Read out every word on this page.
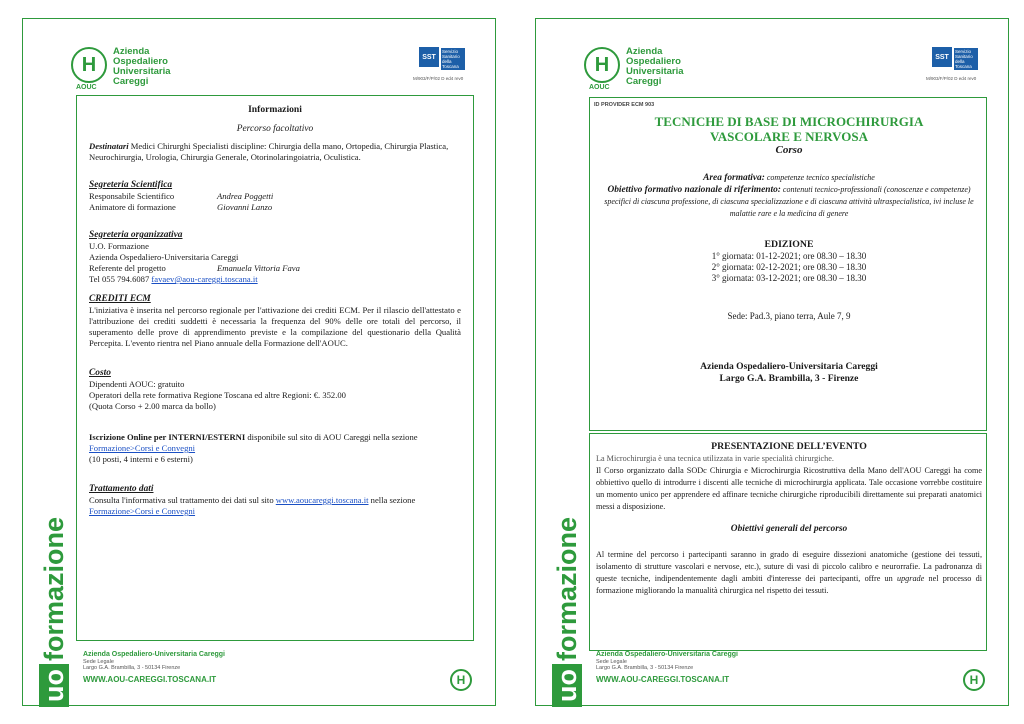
uoformazione
H
AOUC
Azienda
Ospedaliero
Universitaria
Careggi
SST
Servizio Sanitario della Toscana
M/903/F/P/02 D ed4 rev0

Informazioni

Percorso facoltativo

Destinatari Medici Chirurghi Specialisti discipline: Chirurgia della mano, Ortopedia, Chirurgia Plastica, Neurochirurgia, Urologia, Chirurgia Generale, Otorinolaringoiatria, Oculistica.

Segreteria Scientifica

Responsabile Scientifico	Andrea Poggetti

Animatore di formazione	Giovanni Lanzo

Segreteria organizzativa

U.O. Formazione

Azienda Ospedaliero-Universitaria Careggi

Referente del progetto	Emanuela Vittoria Fava

Tel 055 794.6087 favaev@aou-careggi.toscana.it

CREDITI ECM

L'iniziativa è inserita nel percorso regionale per l'attivazione dei crediti ECM. Per il rilascio dell'attestato e l'attribuzione dei crediti suddetti è necessaria la frequenza del 90% delle ore totali del percorso, il superamento delle prove di apprendimento previste e la compilazione del questionario della Qualità Percepita. L'evento rientra nel Piano annuale della Formazione dell'AOUC.

Costo

Dipendenti AOUC: gratuito

Operatori della rete formativa Regione Toscana ed altre Regioni: €. 352.00

(Quota Corso + 2.00 marca da bollo)

Iscrizione Online per INTERNI/ESTERNI disponibile sul sito di AOU Careggi nella sezione Formazione>Corsi e Convegni

(10 posti, 4 interni e 6 esterni)

Trattamento dati

Consulta l'informativa sul trattamento dei dati sul sito www.aoucareggi.toscana.it nella sezione Formazione>Corsi e Convegni

Azienda Ospedaliero-Universitaria Careggi
Sede Legale
Largo G.A. Brambilla, 3 - 50134 Firenze
WWW.AOU-CAREGGI.TOSCANA.IT	H	uoformazione
H
AOUC
Azienda
Ospedaliero
Universitaria
Careggi
SST
Servizio Sanitario della Toscana
M/903/F/P/02 D ed4 rev0
ID PROVIDER ECM 903

TECNICHE DI BASE DI MICROCHIRURGIA

VASCOLARE E NERVOSA

Corso

Area formativa: competenze tecnico specialistiche

Obiettivo formativo nazionale di riferimento: contenuti tecnico-professionali (conoscenze e competenze) specifici di ciascuna professione, di ciascuna specializzazione e di ciascuna attività ultraspecialistica, ivi incluse le malattie rare e la medicina di genere

EDIZIONE

1° giornata: 01-12-2021; ore 08.30 – 18.30

2° giornata: 02-12-2021; ore 08.30 – 18.30

3° giornata: 03-12-2021; ore 08.30 – 18.30

Sede: Pad.3, piano terra, Aule 7, 9

Azienda Ospedaliero-Universitaria Careggi

Largo G.A. Brambilla, 3 - Firenze

PRESENTAZIONE DELL’EVENTO

La Microchirurgia è una tecnica utilizzata in varie specialità chirurgiche.

Il Corso organizzato dalla SODc Chirurgia e Microchirurgia Ricostruttiva della Mano dell'AOU Careggi ha come obbiettivo quello di introdurre i discenti alle tecniche di microchirurgia applicata. Tale occasione vorrebbe costituire un momento unico per apprendere ed affinare tecniche chirurgiche riproducibili direttamente sui preparati anatomici messi a disposizione.

Obiettivi generali del percorso

Al termine del percorso i partecipanti saranno in grado di eseguire dissezioni anatomiche (gestione dei tessuti, isolamento di strutture vascolari e nervose, etc.), suture di vasi di piccolo calibro e neurorrafie. La padronanza di queste tecniche, indipendentemente dagli ambiti d'interesse dei partecipanti, offre un upgrade nel processo di formazione migliorando la manualità chirurgica nel rispetto dei tessuti.

Azienda Ospedaliero-Universitaria Careggi
Sede Legale
Largo G.A. Brambilla, 3 - 50134 Firenze
WWW.AOU-CAREGGI.TOSCANA.IT	H
